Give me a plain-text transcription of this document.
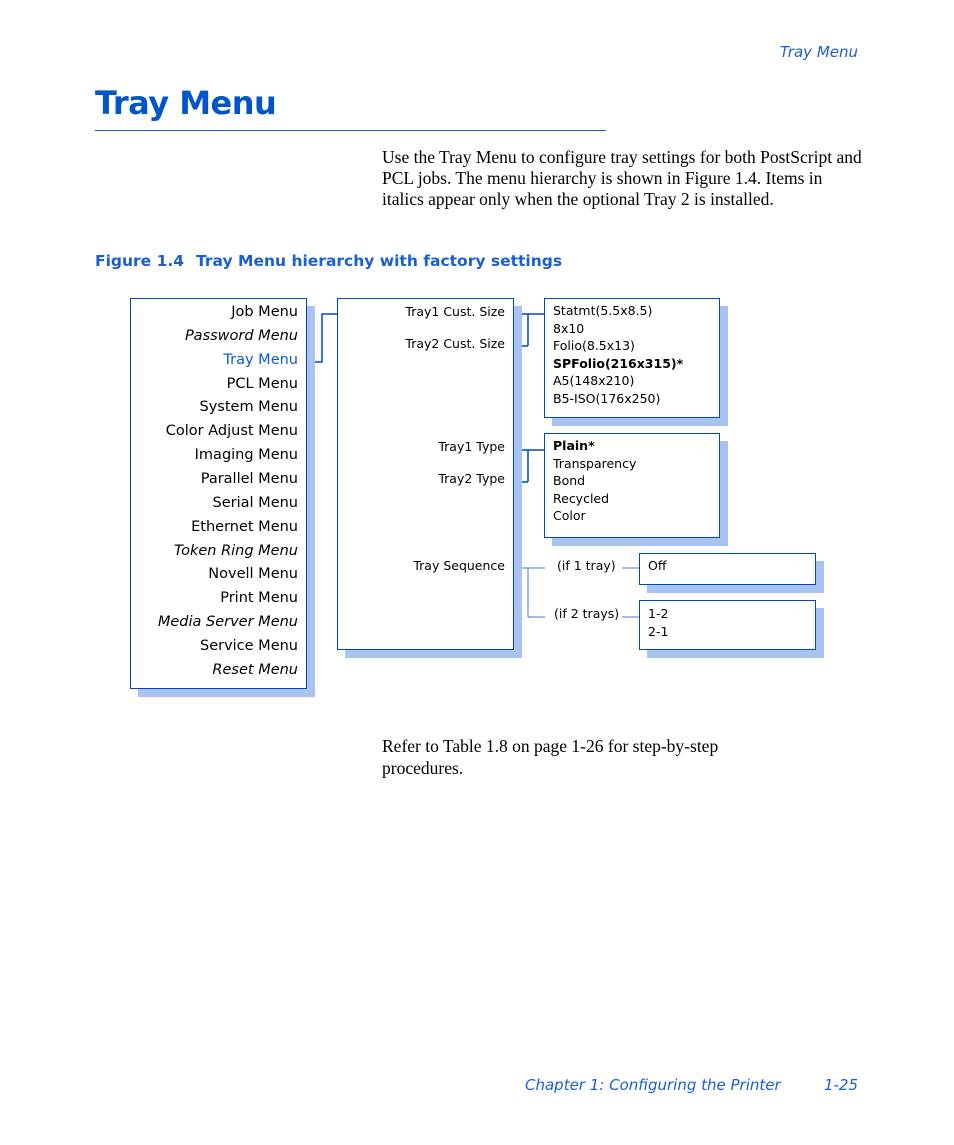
Tray Menu
Tray Menu
Use the Tray Menu to configure tray settings for both PostScript and PCL jobs. The menu hierarchy is shown in Figure 1.4. Items in italics appear only when the optional Tray 2 is installed.
Figure 1.4 Tray Menu hierarchy with factory settings
Job Menu
Password Menu
Tray Menu
PCL Menu
System Menu
Color Adjust Menu
Imaging Menu
Parallel Menu
Serial Menu
Ethernet Menu
Token Ring Menu
Novell Menu
Print Menu
Media Server Menu
Service Menu
Reset Menu
Tray1 Cust. Size
Tray2 Cust. Size
Tray1 Type
Tray2 Type
Tray Sequence
Statmt(5.5x8.5)
8x10
Folio(8.5x13)
SPFolio(216x315)*
A5(148x210)
B5-ISO(176x250)
Plain*
Transparency
Bond
Recycled
Color
(if 1 tray)
(if 2 trays)
Off
1-2
2-1
Refer to Table 1.8 on page 1-26 for step-by-step procedures.
Chapter 1: Configuring the Printer	1-25
